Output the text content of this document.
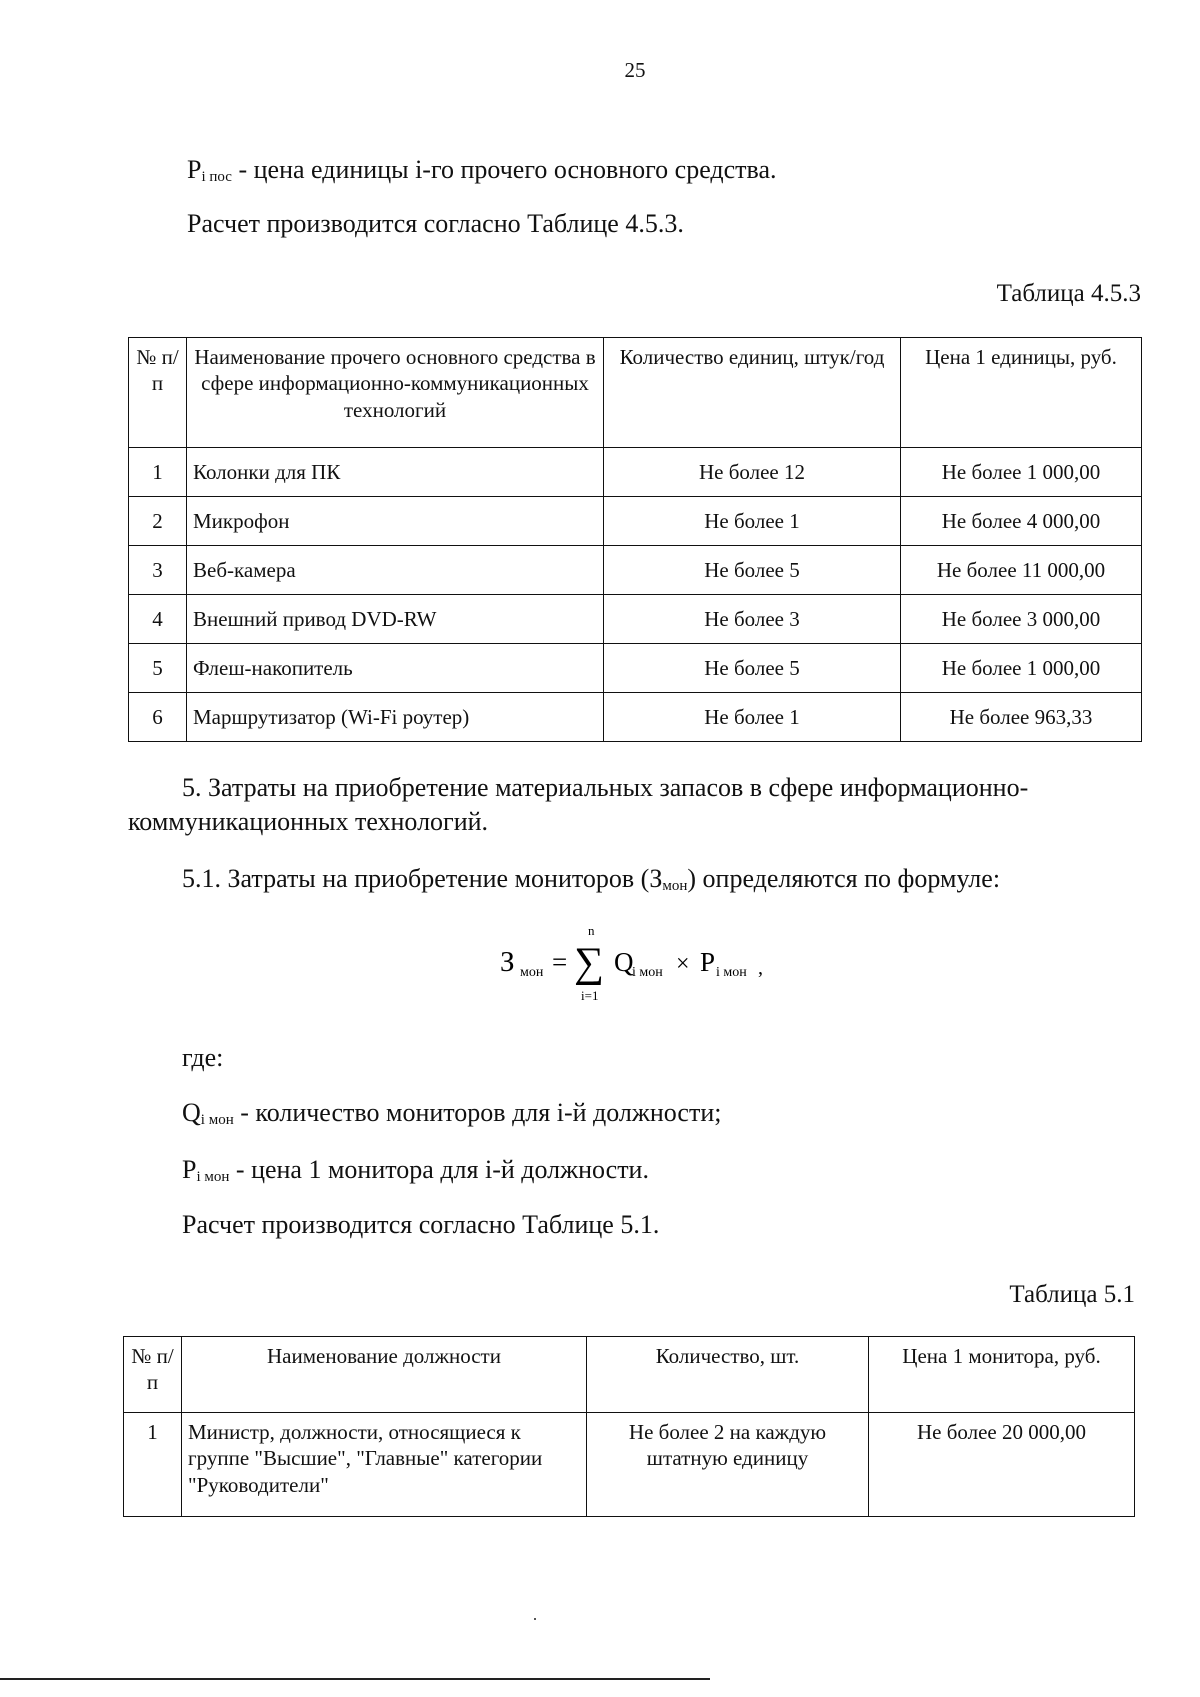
25
$P_{i пос}$ - цена единицы i-го прочего основного средства.
Расчет производится согласно Таблице 4.5.3.
Таблица 4.5.3
№ п/п	Наименование прочего основного средства в сфере информационно-коммуникационных технологий	Количество единиц, штук/год	Цена 1 единицы, руб.
1	Колонки для ПК	Не более 12	Не более 1 000,00
2	Микрофон	Не более 1	Не более 4 000,00
3	Веб-камера	Не более 5	Не более 11 000,00
4	Внешний привод DVD-RW	Не более 3	Не более 3 000,00
5	Флеш-накопитель	Не более 5	Не более 1 000,00
6	Маршрутизатор (Wi-Fi роутер)	Не более 1	Не более 963,33
5. Затраты на приобретение материальных запасов в сфере информационно-
коммуникационных технологий.
5.1. Затраты на приобретение мониторов $(З_{мон})$ определяются по формуле:
З мон =
n
∑
i=1
Q
i мон × P i мон ,
где:
$Q_{i мон}$ - количество мониторов для i-й должности;
$P_{i мон}$ - цена 1 монитора для i-й должности.
Расчет производится согласно Таблице 5.1.
Таблица 5.1
№ п/п	Наименование должности	Количество, шт.	Цена 1 монитора, руб.
1	Министр, должности, относящиеся к группе "Высшие", "Главные" категории "Руководители"	Не более 2 на каждую штатную единицу	Не более 20 000,00
